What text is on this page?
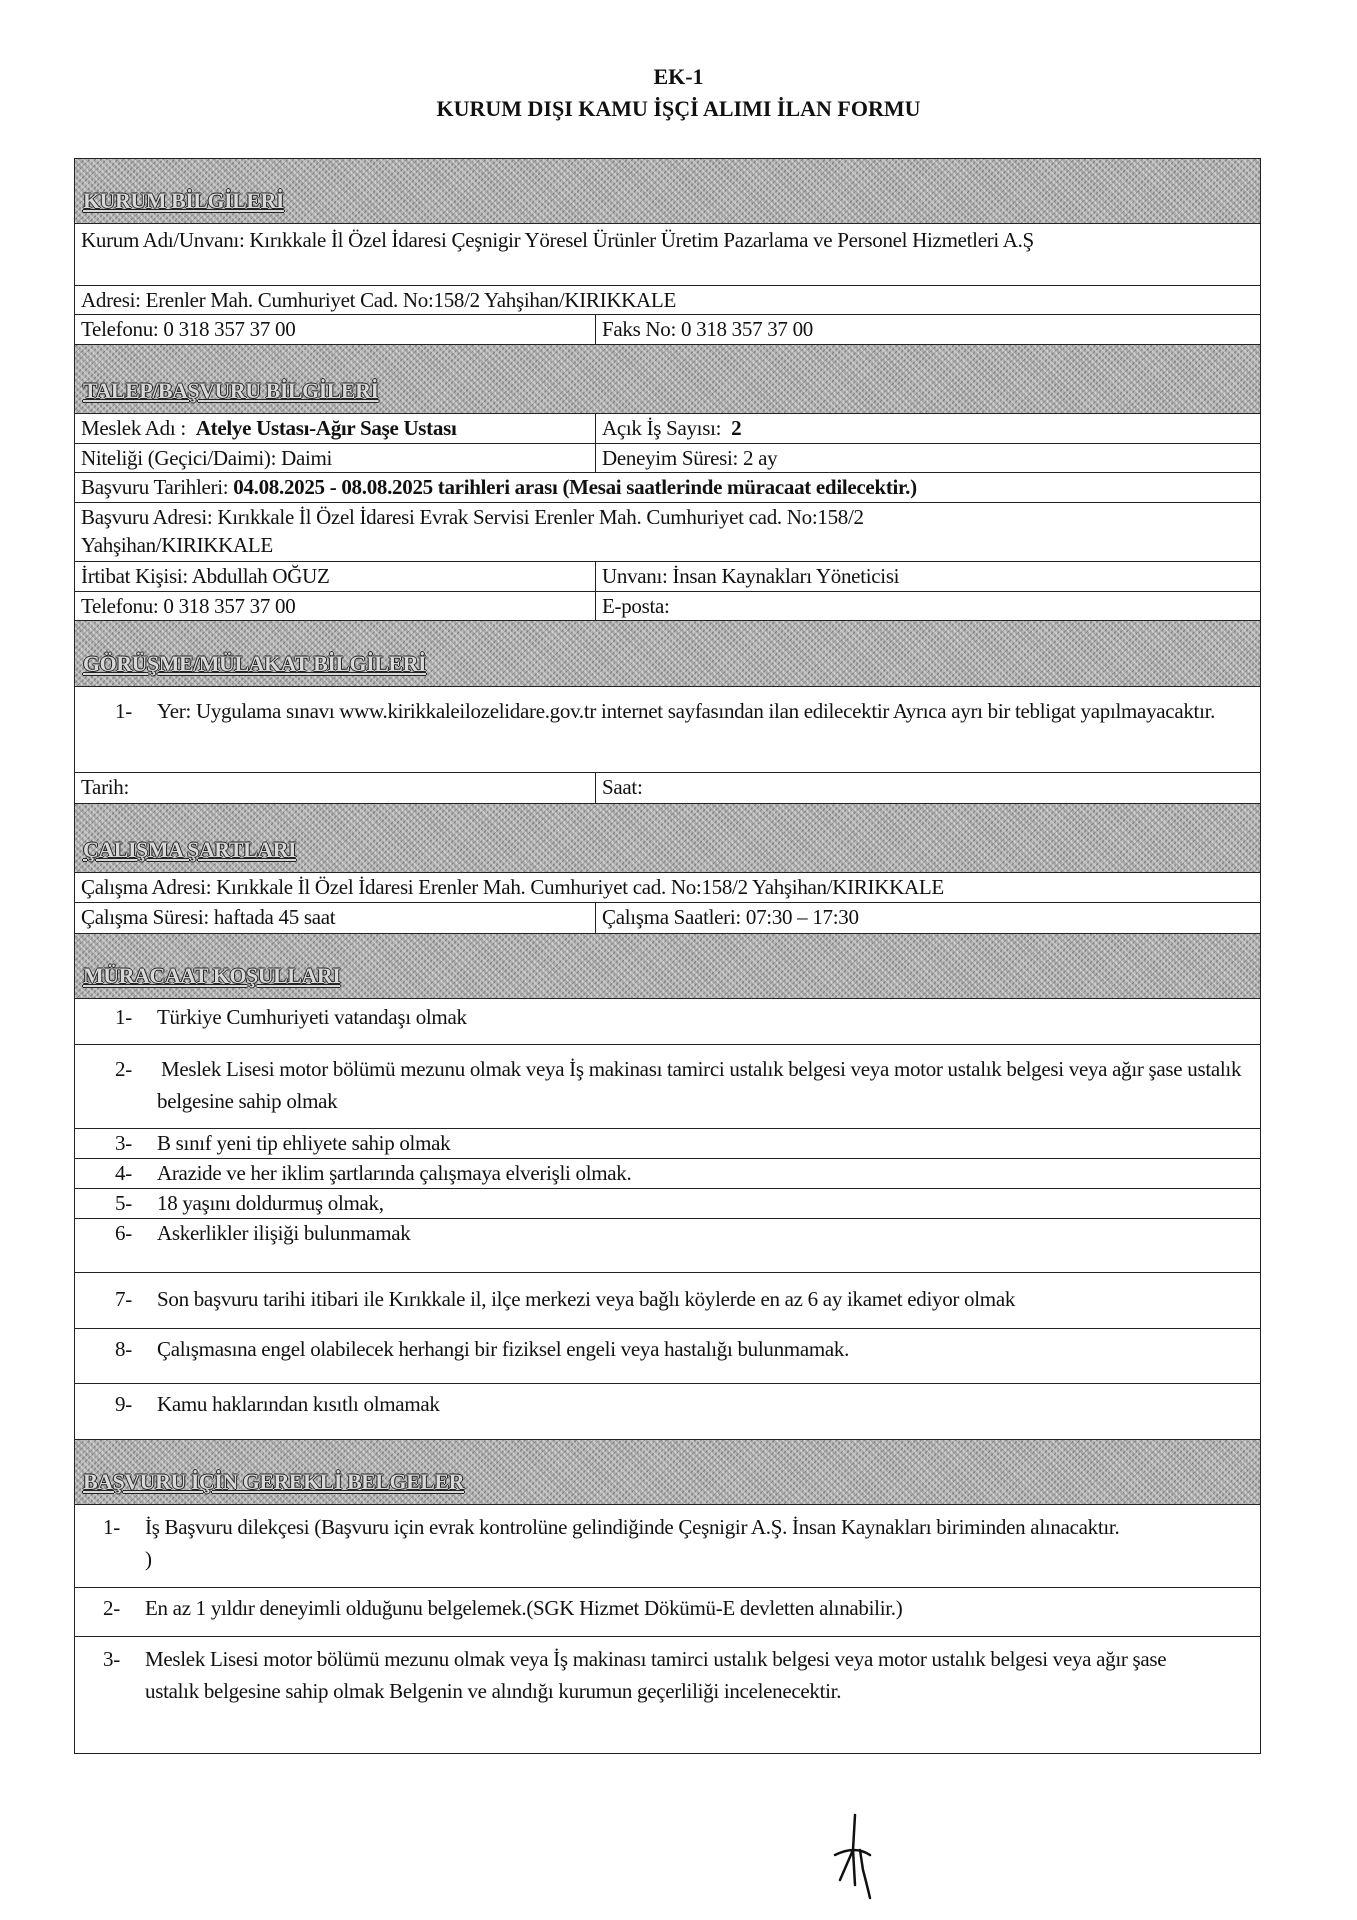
EK-1
KURUM DIŞI KAMU İŞÇİ ALIMI İLAN FORMU
KURUM BİLGİLERİ
Kurum Adı/Unvanı: Kırıkkale İl Özel İdaresi Çeşnigir Yöresel Ürünler Üretim Pazarlama ve Personel Hizmetleri A.Ş
Adresi: Erenler Mah. Cumhuriyet Cad. No:158/2 Yahşihan/KIRIKKALE
Telefonu: 0 318 357 37 00	Faks No: 0 318 357 37 00
TALEP/BAŞVURU BİLGİLERİ
Meslek Adı : Atelye Ustası-Ağır Saşe Ustası	Açık İş Sayısı: 2
Niteliği (Geçici/Daimi): Daimi	Deneyim Süresi: 2 ay
Başvuru Tarihleri: 04.08.2025 - 08.08.2025 tarihleri arası (Mesai saatlerinde müracaat edilecektir.)
Başvuru Adresi: Kırıkkale İl Özel İdaresi Evrak Servisi Erenler Mah. Cumhuriyet cad. No:158/2 Yahşihan/KIRIKKALE
İrtibat Kişisi: Abdullah OĞUZ	Unvanı: İnsan Kaynakları Yöneticisi
Telefonu: 0 318 357 37 00	E-posta:
GÖRÜŞME/MÜLAKAT BİLGİLERİ
1-	Yer: Uygulama sınavı www.kirikkaleilozelidare.gov.tr internet sayfasından ilan edilecektir Ayrıca ayrı bir tebligat yapılmayacaktır.
Tarih:	Saat:
ÇALIŞMA ŞARTLARI
Çalışma Adresi: Kırıkkale İl Özel İdaresi Erenler Mah. Cumhuriyet cad. No:158/2 Yahşihan/KIRIKKALE
Çalışma Süresi: haftada 45 saat	Çalışma Saatleri: 07:30 – 17:30
MÜRACAAT KOŞULLARI
1-	Türkiye Cumhuriyeti vatandaşı olmak
2-	Meslek Lisesi motor bölümü mezunu olmak veya İş makinası tamirci ustalık belgesi veya motor ustalık belgesi veya ağır şase ustalık belgesine sahip olmak
3-	B sınıf yeni tip ehliyete sahip olmak
4-	Arazide ve her iklim şartlarında çalışmaya elverişli olmak.
5-	18 yaşını doldurmuş olmak,
6-	Askerlikler ilişiği bulunmamak
7-	Son başvuru tarihi itibari ile Kırıkkale il, ilçe merkezi veya bağlı köylerde en az 6 ay ikamet ediyor olmak
8-	Çalışmasına engel olabilecek herhangi bir fiziksel engeli veya hastalığı bulunmamak.
9-	Kamu haklarından kısıtlı olmamak
BAŞVURU İÇİN GEREKLİ BELGELER
1-	İş Başvuru dilekçesi (Başvuru için evrak kontrolüne gelindiğinde Çeşnigir A.Ş. İnsan Kaynakları biriminden alınacaktır. )
2-	En az 1 yıldır deneyimli olduğunu belgelemek.(SGK Hizmet Dökümü-E devletten alınabilir.)
3-	Meslek Lisesi motor bölümü mezunu olmak veya İş makinası tamirci ustalık belgesi veya motor ustalık belgesi veya ağır şase ustalık belgesine sahip olmak Belgenin ve alındığı kurumun geçerliliği incelenecektir.
